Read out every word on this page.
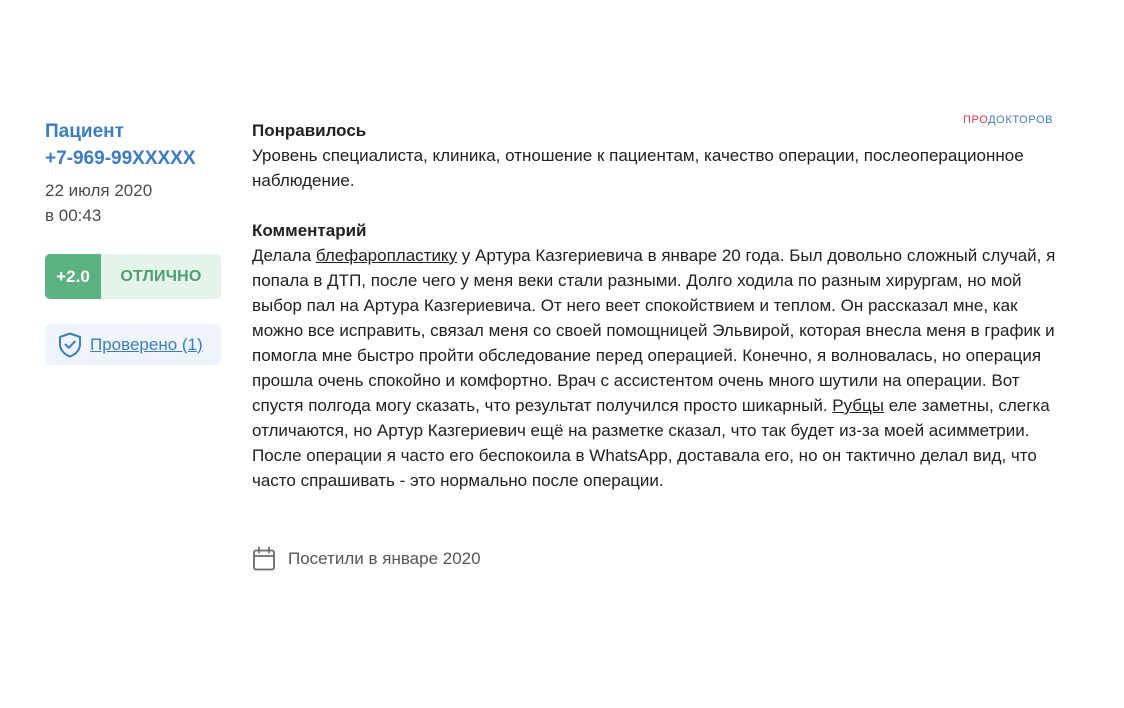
ПРОДОКТОРОВ
Пациент
+7-969-99XXXXX
22 июля 2020
в 00:43
+2.0	ОТЛИЧНО
Проверено (1)
Понравилось
Уровень специалиста, клиника, отношение к пациентам, качество операции, послеоперационное наблюдение.
Комментарий
Делала блефаропластику у Артура Казгериевича в январе 20 года. Был довольно сложный случай, я попала в ДТП, после чего у меня веки стали разными. Долго ходила по разным хирургам, но мой выбор пал на Артура Казгериевича. От него веет спокойствием и теплом. Он рассказал мне, как можно все исправить, связал меня со своей помощницей Эльвирой, которая внесла меня в график и помогла мне быстро пройти обследование перед операцией. Конечно, я волновалась, но операция прошла очень спокойно и комфортно. Врач с ассистентом очень много шутили на операции. Вот спустя полгода могу сказать, что результат получился просто шикарный. Рубцы еле заметны, слегка отличаются, но Артур Казгериевич ещё на разметке сказал, что так будет из-за моей асимметрии. После операции я часто его беспокоила в WhatsApp, доставала его, но он тактично делал вид, что часто спрашивать - это нормально после операции.
Посетили в январе 2020
